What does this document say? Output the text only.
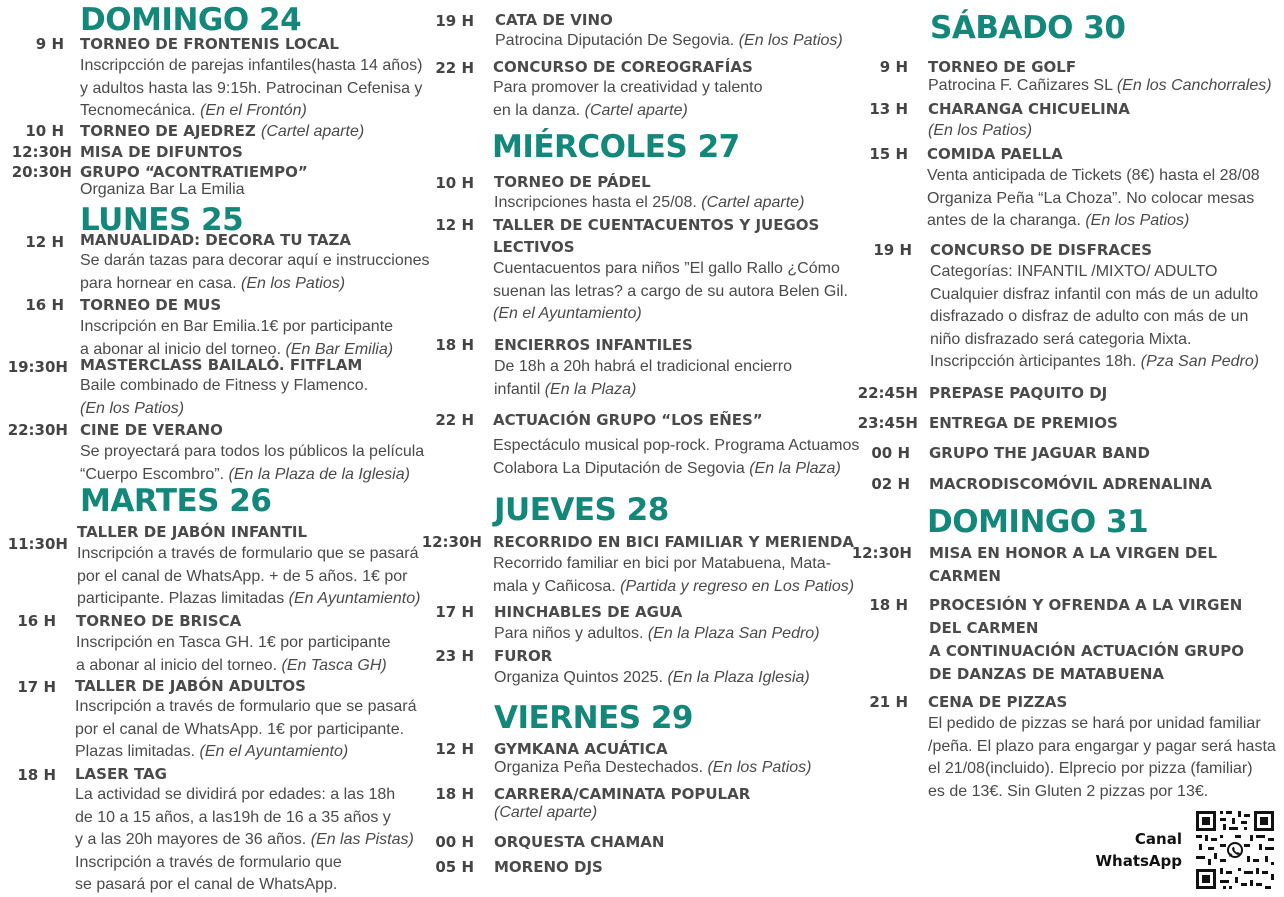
DOMINGO 24
9 H TORNEO DE FRONTENIS LOCAL
Inscripcción de parejas infantiles(hasta 14 años)
y adultos hasta las 9:15h. Patrocinan Cefenisa y
Tecnomecánica. (En el Frontón)
10 H TORNEO DE AJEDREZ (Cartel aparte)
12:30H MISA DE DIFUNTOS
20:30H GRUPO “ACONTRATIEMPO”
Organiza Bar La Emilia
LUNES 25
12 H MANUALIDAD: DECORA TU TAZA
Se darán tazas para decorar aquí e instrucciones
para hornear en casa. (En los Patios)
16 H TORNEO DE MUS
Inscripción en Bar Emilia.1€ por participante
a abonar al inicio del torneo. (En Bar Emilia)
19:30H MASTERCLASS BAILALÓ. FITFLAM
Baile combinado de Fitness y Flamenco.
(En los Patios)
22:30H CINE DE VERANO
Se proyectará para todos los públicos la película
“Cuerpo Escombro”. (En la Plaza de la Iglesia)
MARTES 26
11:30H
TALLER DE JABÓN INFANTIL
Inscripción a través de formulario que se pasará
por el canal de WhatsApp. + de 5 años. 1€ por
participante. Plazas limitadas (En Ayuntamiento)
16 H TORNEO DE BRISCA
Inscripción en Tasca GH. 1€ por participante
a abonar al inicio del torneo. (En Tasca GH)
17 H TALLER DE JABÓN ADULTOS
Inscripción a través de formulario que se pasará
por el canal de WhatsApp. 1€ por participante.
Plazas limitadas. (En el Ayuntamiento)
18 H LASER TAG
La actividad se dividirá por edades: a las 18h
de 10 a 15 años, a las19h de 16 a 35 años y
y a las 20h mayores de 36 años. (En las Pistas)
Inscripción a través de formulario que
se pasará por el canal de WhatsApp.
19 H CATA DE VINO
Patrocina Diputación De Segovia. (En los Patios)
22 H CONCURSO DE COREOGRAFÍAS
Para promover la creatividad y talento
en la danza. (Cartel aparte)
MIÉRCOLES 27
10 H TORNEO DE PÁDEL
Inscripciones hasta el 25/08. (Cartel aparte)
12 H TALLER DE CUENTACUENTOS Y JUEGOS
LECTIVOS
Cuentacuentos para niños ”El gallo Rallo ¿Cómo
suenan las letras? a cargo de su autora Belen Gil.
(En el Ayuntamiento)
18 H ENCIERROS INFANTILES
De 18h a 20h habrá el tradicional encierro
infantil (En la Plaza)
22 H ACTUACIÓN GRUPO “LOS EÑES”
Espectáculo musical pop-rock. Programa Actuamos
Colabora La Diputación de Segovia (En la Plaza)
JUEVES 28
12:30H RECORRIDO EN BICI FAMILIAR Y MERIENDA
Recorrido familiar en bici por Matabuena, Mata-
mala y Cañicosa. (Partida y regreso en Los Patios)
17 H HINCHABLES DE AGUA
Para niños y adultos. (En la Plaza San Pedro)
23 H FUROR
Organiza Quintos 2025. (En la Plaza Iglesia)
VIERNES 29
12 H GYMKANA ACUÁTICA
Organiza Peña Destechados. (En los Patios)
18 H CARRERA/CAMINATA POPULAR
(Cartel aparte)
00 H ORQUESTA CHAMAN
05 H MORENO DJS
SÁBADO 30
9 H TORNEO DE GOLF
Patrocina F. Cañizares SL (En los Canchorrales)
13 H CHARANGA CHICUELINA
(En los Patios)
15 H COMIDA PAELLA
Venta anticipada de Tickets (8€) hasta el 28/08
Organiza Peña “La Choza”. No colocar mesas
antes de la charanga. (En los Patios)
19 H CONCURSO DE DISFRACES
Categorías: INFANTIL /MIXTO/ ADULTO
Cualquier disfraz infantil con más de un adulto
disfrazado o disfraz de adulto con más de un
niño disfrazado será categoria Mixta.
Inscripcción àrticipantes 18h. (Pza San Pedro)
22:45H PREPASE PAQUITO DJ
23:45H ENTREGA DE PREMIOS
00 H GRUPO THE JAGUAR BAND
02 H MACRODISCOMÓVIL ADRENALINA
DOMINGO 31
12:30H MISA EN HONOR A LA VIRGEN DEL
CARMEN
18 H PROCESIÓN Y OFRENDA A LA VIRGEN
DEL CARMEN
A CONTINUACIÓN ACTUACIÓN GRUPO
DE DANZAS DE MATABUENA
21 H CENA DE PIZZAS
El pedido de pizzas se hará por unidad familiar
/peña. El plazo para engargar y pagar será hasta
el 21/08(incluido). Elprecio por pizza (familiar)
es de 13€. Sin Gluten 2 pizzas por 13€.
Canal
WhatsApp
